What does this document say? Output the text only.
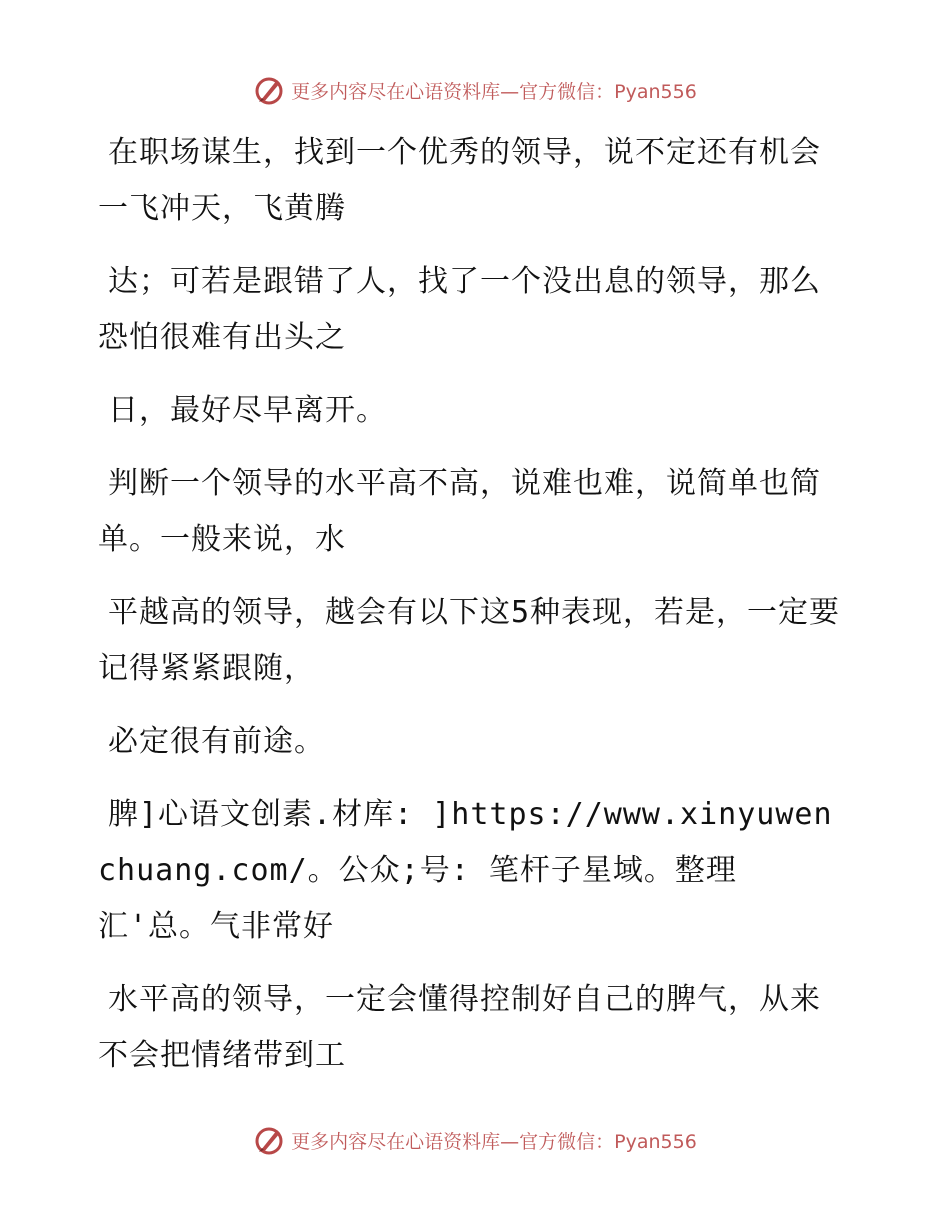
更多内容尽在心语资料库—官方微信：Pyan556

在职场谋生，找到一个优秀的领导，说不定还有机会一飞冲天，飞黄腾

达；可若是跟错了人，找了一个没出息的领导，那么恐怕很难有出头之

日，最好尽早离开。

判断一个领导的水平高不高，说难也难，说简单也简单。一般来说，水

平越高的领导，越会有以下这5种表现，若是，一定要记得紧紧跟随，

必定很有前途。

脾]心语文创素.材库: ]https://www.xinyuwenchuang.com/。公众;号: 笔杆子星域。整理汇'总。气非常好

水平高的领导，一定会懂得控制好自己的脾气，从来不会把情绪带到工

更多内容尽在心语资料库—官方微信：Pyan556
